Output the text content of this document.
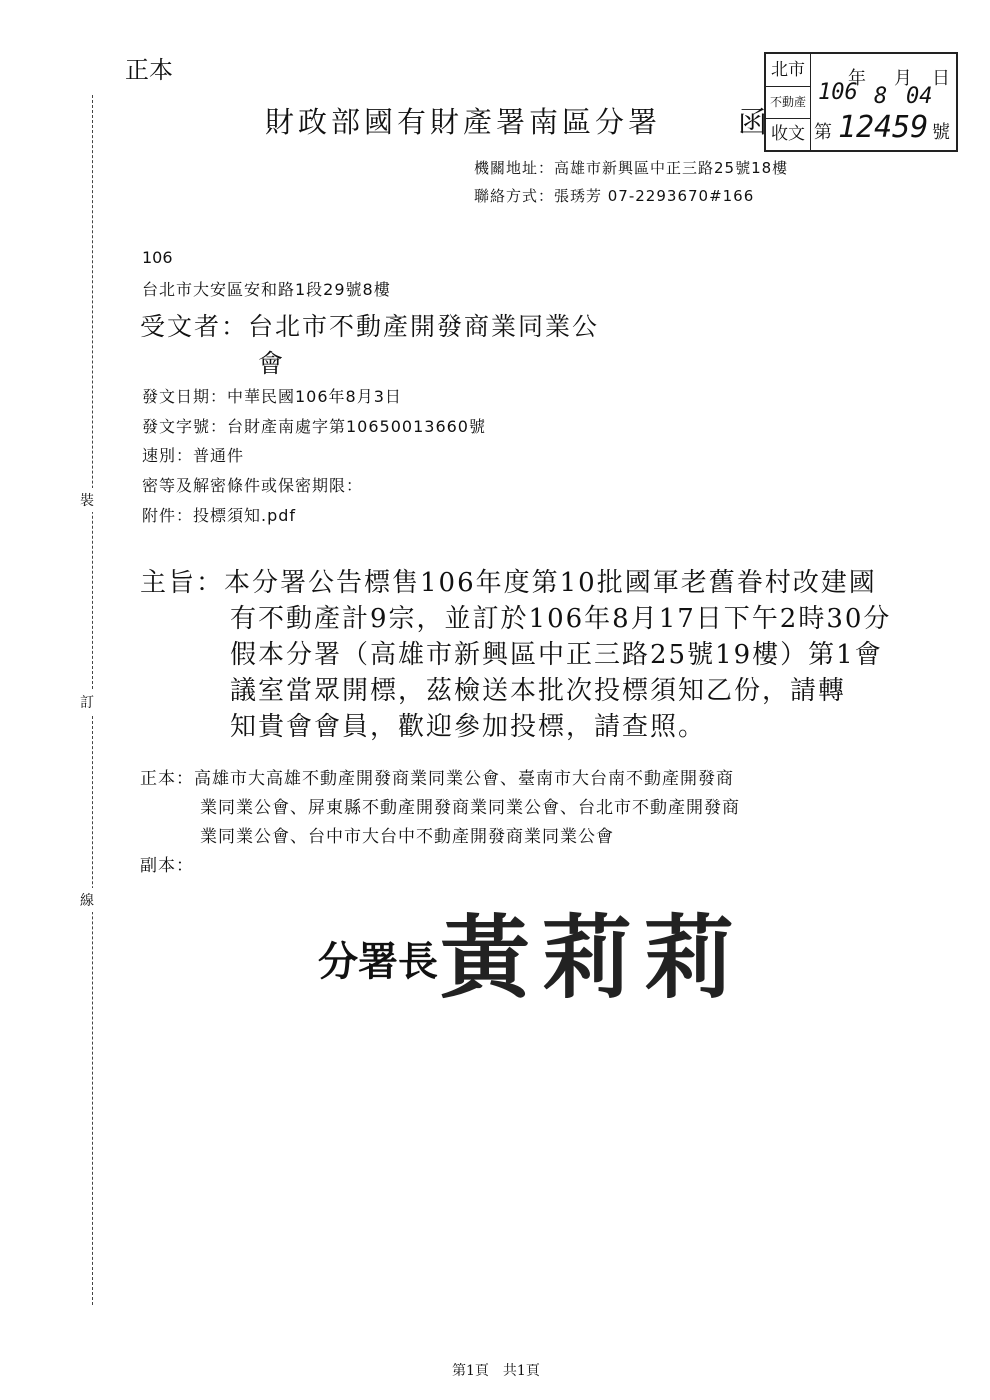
正本
裝
訂
線
財政部國有財產署南區分署	函
北市
不動產
收文
106
年
8
月
04
日
第 12459 號
機關地址：高雄市新興區中正三路25號18樓
聯絡方式：張琇芳 07-2293670#166
106
台北市大安區安和路1段29號8樓
受文者：台北市不動產開發商業同業公
會
發文日期：中華民國106年8月3日
發文字號：台財產南處字第10650013660號
速別：普通件
密等及解密條件或保密期限：
附件：投標須知.pdf
主旨：本分署公告標售106年度第10批國軍老舊眷村改建國
有不動產計9宗，並訂於106年8月17日下午2時30分
假本分署（高雄市新興區中正三路25號19樓）第1會
議室當眾開標，茲檢送本批次投標須知乙份，請轉
知貴會會員，歡迎參加投標，請查照。
正本：高雄市大高雄不動產開發商業同業公會、臺南市大台南不動產開發商
業同業公會、屏東縣不動產開發商業同業公會、台北市不動產開發商
業同業公會、台中市大台中不動產開發商業同業公會
副本：
分署長 黃莉莉
第1頁　共1頁
